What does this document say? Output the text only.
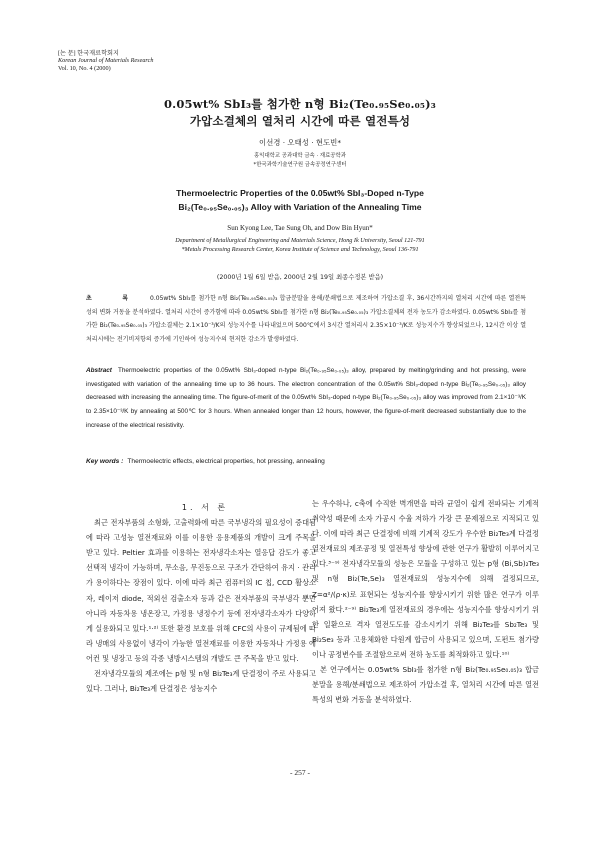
[논 문] 한국재료학회지
Korean Journal of Materials Research
Vol. 10, No. 4 (2000)
0.05wt% SbI₃를 첨가한 n형 Bi₂(Te₀.₉₅Se₀.₀₅)₃
가압소결체의 열처리 시간에 따른 열전특성
이선경 · 오태성 · 현도빈*
홍익대학교 공과대학 금속 · 재료공학과
*한국과학기술연구원 금속공정연구센터
Thermoelectric Properties of the 0.05wt% SbI₃-Doped n-Type
Bi₂(Te₀.₉₅Se₀.₀₅)₃ Alloy with Variation of the Annealing Time
Sun Kyong Lee, Tae Sung Oh, and Dow Bin Hyun*
Department of Metallurgical Engineering and Materials Science, Hong Ik University, Seoul 121-791
*Metals Processing Research Center, Korea Institute of Science and Technology, Seoul 136-791
(2000년 1월 6일 받음, 2000년 2월 19일 최종수정본 받음)
초 록 0.05wt% SbI₃를 첨가한 n형 Bi₂(Te₀.₉₅Se₀.₀₅)₃ 합금분말을 용해/분쇄법으로 제조하여 가압소결 후, 36시간까지의 열처리 시간에 따른 열전특성의 변화 거동을 분석하였다. 열처리 시간이 증가함에 따라 0.05wt% SbI₃를 첨가한 n형 Bi₂(Te₀.₉₅Se₀.₀₅)₃ 가압소결체의 전자 농도가 감소하였다. 0.05wt% SbI₃를 첨가한 Bi₂(Te₀.₉₅Se₀.₀₅)₃ 가압소결체는 2.1×10⁻³/K의 성능지수를 나타내었으며 500℃에서 3시간 열처리시 2.35×10⁻³/K로 성능지수가 향상되었으나, 12시간 이상 열처리시에는 전기비저항의 증가에 기인하여 성능지수의 현저한 감소가 발생하였다.
Abstract Thermoelectric properties of the 0.05wt% SbI₃-doped n-type Bi₂(Te₀.₉₅Se₀.₀₅)₃ alloy, prepared by melting/grinding and hot pressing, were investigated with variation of the annealing time up to 36 hours. The electron concentration of the 0.05wt% SbI₃-doped n-type Bi₂(Te₀.₉₅Se₀.₀₅)₃ alloy decreased with increasing the annealing time. The figure-of-merit of the 0.05wt% SbI₃-doped n-type Bi₂(Te₀.₉₅Se₀.₀₅)₃ alloy was improved from 2.1×10⁻³/K to 2.35×10⁻³/K by annealing at 500℃ for 3 hours. When annealed longer than 12 hours, however, the figure-of-merit decreased substantially due to the increase of the electrical resistivity.
Key words : Thermoelectric effects, electrical properties, hot pressing, annealing

1. 서 론

최근 전자부품의 소형화, 고출력화에 따른 국부냉각의 필요성이 증대됨에 따라 고성능 열전재료와 이를 이용한 응용제품의 개발이 크게 주목을 받고 있다. Peltier 효과를 이용하는 전자냉각소자는 열응답 감도가 좋고 선택적 냉각이 가능하며, 무소음, 무진동으로 구조가 간단하여 유지 · 관리가 용이하다는 장점이 있다. 이에 따라 최근 컴퓨터의 IC 칩, CCD 활상소자, 레이저 diode, 적외선 검출소자 등과 같은 전자부품의 국부냉각 뿐만 아니라 자동차용 냉온장고, 가정용 냉정수기 등에 전자냉각소자가 다양하게 실용화되고 있다.¹·²⁾ 또한 환경 보호를 위해 CFC의 사용이 규제됨에 따라 냉매의 사용없이 냉각이 가능한 열전재료를 이용한 자동차나 가정용 에어컨 및 냉장고 등의 각종 냉방시스템의 개발도 큰 주목을 받고 있다.

전자냉각모듈의 제조에는 p형 및 n형 Bi₂Te₃계 단결정이 주로 사용되고 있다. 그러나, Bi₂Te₃계 단결정은 성능지수

는 우수하나, c축에 수직한 벽개면을 따라 균열이 쉽게 전파되는 기계적 취약성 때문에 소자 가공시 수율 저하가 가장 큰 문제점으로 지적되고 있다. 이에 따라 최근 단결정에 비해 기계적 강도가 우수한 Bi₂Te₃계 다결정 열전재료의 제조공정 및 열전특성 향상에 관한 연구가 활발히 이루어지고 있다.³⁻⁹⁾ 전자냉각모듈의 성능은 모듈을 구성하고 있는 p형 (Bi,Sb)₂Te₃ 및 n형 Bi₂(Te,Se)₃ 열전재료의 성능지수에 의해 결정되므로, Z=α²/(ρ·κ)로 표현되는 성능지수를 향상시키기 위한 많은 연구가 이루어져 왔다.²⁻⁹⁾ Bi₂Te₃계 열전재료의 경우에는 성능지수를 향상시키기 위한 일환으로 격자 열전도도를 감소시키기 위해 Bi₂Te₃를 Sb₂Te₃ 및 Bi₂Se₃ 등과 고용체화한 다원계 합금이 사용되고 있으며, 도펀트 첨가량이나 공정변수를 조절함으로써 전하 농도를 최적화하고 있다.¹⁰⁾

본 연구에서는 0.05wt% SbI₃를 첨가한 n형 Bi₂(Te₀.₉₅Se₀.₀₅)₃ 합금분말을 용해/분쇄법으로 제조하여 가압소결 후, 열처리 시간에 따른 열전특성의 변화 거동을 분석하였다.

- 257 -
